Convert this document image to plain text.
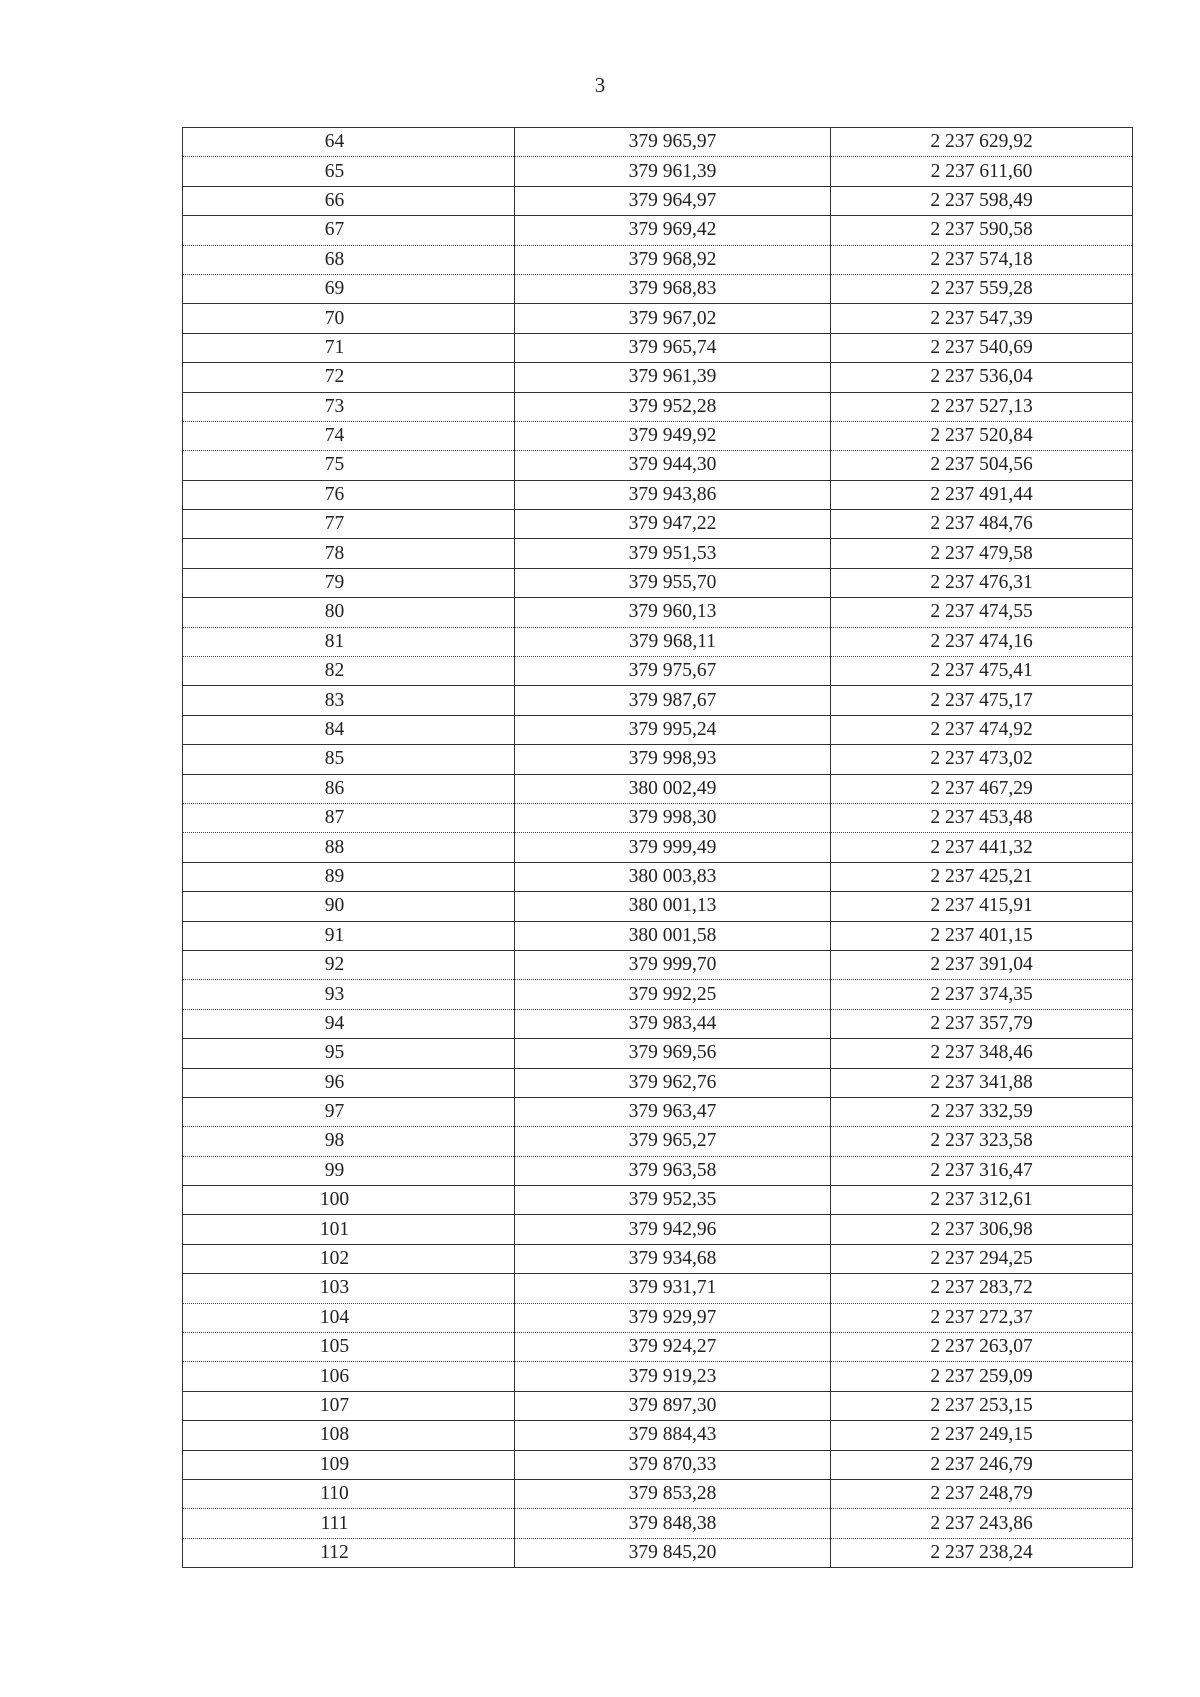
3
64	379 965,97	2 237 629,92
65	379 961,39	2 237 611,60
66	379 964,97	2 237 598,49
67	379 969,42	2 237 590,58
68	379 968,92	2 237 574,18
69	379 968,83	2 237 559,28
70	379 967,02	2 237 547,39
71	379 965,74	2 237 540,69
72	379 961,39	2 237 536,04
73	379 952,28	2 237 527,13
74	379 949,92	2 237 520,84
75	379 944,30	2 237 504,56
76	379 943,86	2 237 491,44
77	379 947,22	2 237 484,76
78	379 951,53	2 237 479,58
79	379 955,70	2 237 476,31
80	379 960,13	2 237 474,55
81	379 968,11	2 237 474,16
82	379 975,67	2 237 475,41
83	379 987,67	2 237 475,17
84	379 995,24	2 237 474,92
85	379 998,93	2 237 473,02
86	380 002,49	2 237 467,29
87	379 998,30	2 237 453,48
88	379 999,49	2 237 441,32
89	380 003,83	2 237 425,21
90	380 001,13	2 237 415,91
91	380 001,58	2 237 401,15
92	379 999,70	2 237 391,04
93	379 992,25	2 237 374,35
94	379 983,44	2 237 357,79
95	379 969,56	2 237 348,46
96	379 962,76	2 237 341,88
97	379 963,47	2 237 332,59
98	379 965,27	2 237 323,58
99	379 963,58	2 237 316,47
100	379 952,35	2 237 312,61
101	379 942,96	2 237 306,98
102	379 934,68	2 237 294,25
103	379 931,71	2 237 283,72
104	379 929,97	2 237 272,37
105	379 924,27	2 237 263,07
106	379 919,23	2 237 259,09
107	379 897,30	2 237 253,15
108	379 884,43	2 237 249,15
109	379 870,33	2 237 246,79
110	379 853,28	2 237 248,79
111	379 848,38	2 237 243,86
112	379 845,20	2 237 238,24
